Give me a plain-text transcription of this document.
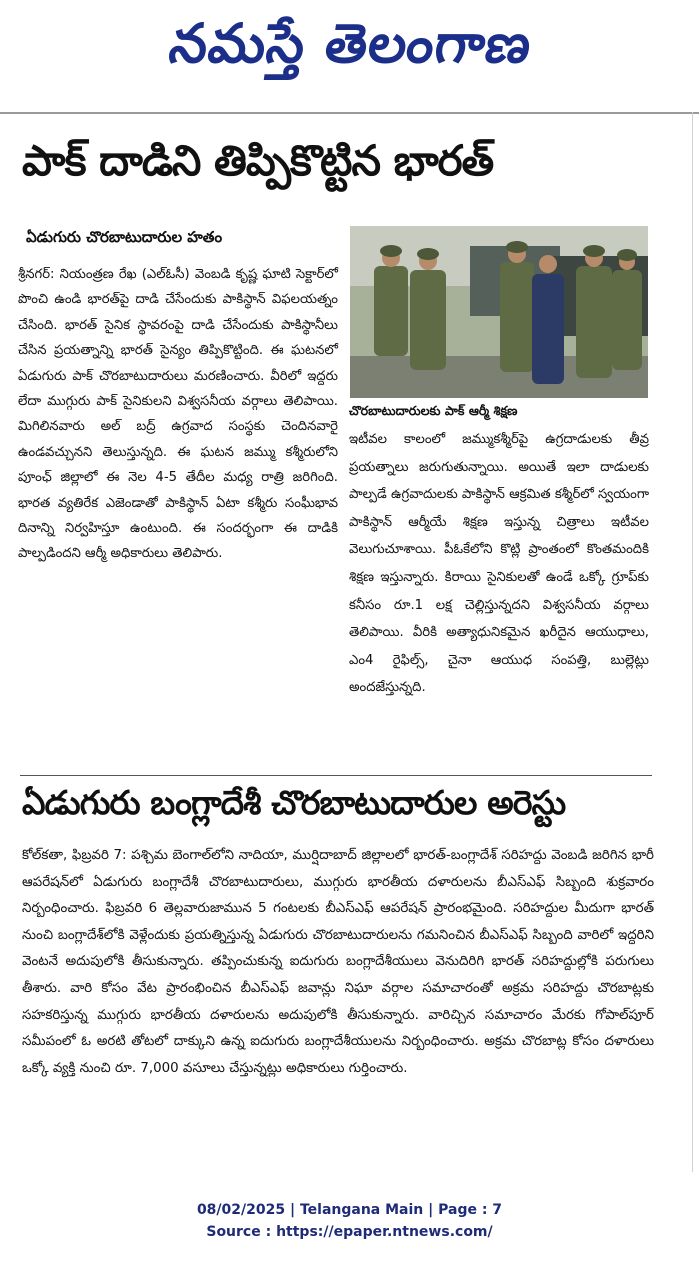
నమస్తే తెలంగాణ
పాక్‌ దాడిని తిప్పికొట్టిన భారత్‌
ఏడుగురు చొరబాటుదారుల హతం

శ్రీనగర్‌: నియంత్రణ రేఖ (ఎల్‌ఓసీ) వెంబడి కృష్ణ ఘాటి సెక్టార్‌లో పొంచి ఉండి భారత్‌పై దాడి చేసేందుకు పాకిస్థాన్‌ విఫలయత్నం చేసింది. భారత్‌ సైనిక స్థావరంపై దాడి చేసేందుకు పాకిస్థానీలు చేసిన ప్రయత్నాన్ని భారత్‌ సైన్యం తిప్పికొట్టింది. ఈ ఘటనలో ఏడుగురు పాక్‌ చొరబాటుదారులు మరణించారు. వీరిలో ఇద్దరు లేదా ముగ్గురు పాక్‌ సైనికులని విశ్వసనీయ వర్గాలు తెలిపాయి. మిగిలినవారు అల్‌ బద్ర్‌ ఉగ్రవాద సంస్థకు చెందినవారై ఉండవచ్చునని తెలుస్తున్నది. ఈ ఘటన జమ్ము కశ్మీరులోని పూంఛ్‌ జిల్లాలో ఈ నెల 4-5 తేదీల మధ్య రాత్రి జరిగింది. భారత వ్యతిరేక ఎజెండాతో పాకిస్థాన్‌ ఏటా కశ్మీరు సంఘీభావ దినాన్ని నిర్వహిస్తూ ఉంటుంది. ఈ సందర్భంగా ఈ దాడికి పాల్పడిందని ఆర్మీ అధికారులు తెలిపారు.

చొరబాటుదారులకు పాక్‌ ఆర్మీ శిక్షణ

ఇటీవల కాలంలో జమ్ముకశ్మీర్‌పై ఉగ్రదాడులకు తీవ్ర ప్రయత్నాలు జరుగుతున్నాయి. అయితే ఇలా దాడులకు పాల్పడే ఉగ్రవాదులకు పాకిస్థాన్‌ ఆక్రమిత కశ్మీర్‌లో స్వయంగా పాకిస్థాన్‌ ఆర్మీయే శిక్షణ ఇస్తున్న చిత్రాలు ఇటీవల వెలుగుచూశాయి. పీఓకేలోని కొట్లి ప్రాంతంలో కొంతమందికి శిక్షణ ఇస్తున్నారు. కిరాయి సైనికులతో ఉండే ఒక్కో గ్రూప్‌కు కనీసం రూ.1 లక్ష చెల్లిస్తున్నదని విశ్వసనీయ వర్గాలు తెలిపాయి. వీరికి అత్యాధునికమైన ఖరీదైన ఆయుధాలు, ఎం4 రైఫిల్స్‌, చైనా ఆయుధ సంపత్తి, బుల్లెట్లు అందజేస్తున్నది.

ఏడుగురు బంగ్లాదేశీ చొరబాటుదారుల అరెస్టు

కోల్‌కతా, ఫిబ్రవరి 7: పశ్చిమ బెంగాల్‌లోని నాదియా, ముర్షిదాబాద్‌ జిల్లాలలో భారత్‌-బంగ్లాదేశ్‌ సరిహద్దు వెంబడి జరిగిన భారీ ఆపరేషన్‌లో ఏడుగురు బంగ్లాదేశీ చొరబాటుదారులు, ముగ్గురు భారతీయ దళారులను బీఎస్‌ఎఫ్‌ సిబ్బంది శుక్రవారం నిర్బంధించారు. ఫిబ్రవరి 6 తెల్లవారుజామున 5 గంటలకు బీఎస్‌ఎఫ్‌ ఆపరేషన్‌ ప్రారంభమైంది. సరిహద్దుల మీదుగా భారత్‌ నుంచి బంగ్లాదేశ్‌లోకి వెళ్లేందుకు ప్రయత్నిస్తున్న ఏడుగురు చొరబాటుదారులను గమనించిన బీఎస్‌ఎఫ్‌ సిబ్బంది వారిలో ఇద్దరిని వెంటనే అదుపులోకి తీసుకున్నారు. తప్పించుకున్న ఐదుగురు బంగ్లాదేశీయులు వెనుదిరిగి భారత్‌ సరిహద్దుల్లోకి పరుగులు తీశారు. వారి కోసం వేట ప్రారంభించిన బీఎస్‌ఎఫ్‌ జవాన్లు నిఘా వర్గాల సమాచారంతో అక్రమ సరిహద్దు చొరబాట్లకు సహకరిస్తున్న ముగ్గురు భారతీయ దళారులను అదుపులోకి తీసుకున్నారు. వారిచ్చిన సమాచారం మేరకు గోపాల్‌పూర్‌ సమీపంలో ఓ అరటి తోటలో దాక్కుని ఉన్న ఐదుగురు బంగ్లాదేశీయులను నిర్బంధించారు. అక్రమ చొరబాట్ల కోసం దళారులు ఒక్కో వ్యక్తి నుంచి రూ. 7,000 వసూలు చేస్తున్నట్లు అధికారులు గుర్తించారు.

08/02/2025 | Telangana Main | Page : 7
Source : https://epaper.ntnews.com/
